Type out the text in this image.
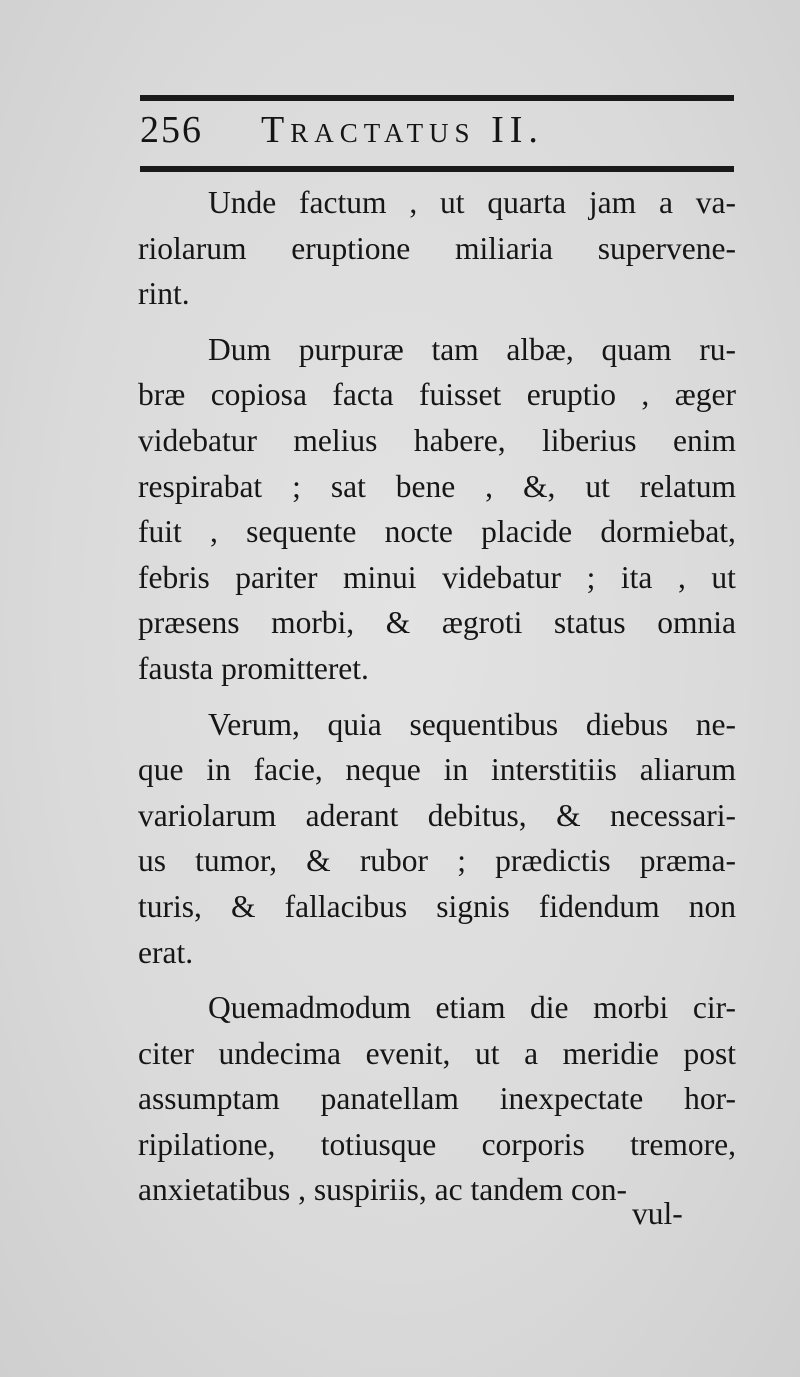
256 Tractatus II.
Unde factum , ut quarta jam a va-
riolarum eruptione miliaria supervene-
rint.
Dum purpuræ tam albæ, quam ru-
bræ copiosa facta fuisset eruptio , æger
videbatur melius habere, liberius enim
respirabat ; sat bene , &, ut relatum
fuit , sequente nocte placide dormiebat,
febris pariter minui videbatur ; ita , ut
præsens morbi, & ægroti status omnia
fausta promitteret.
Verum, quia sequentibus diebus ne-
que in facie, neque in interstitiis aliarum
variolarum aderant debitus, & necessari-
us tumor, & rubor ; prædictis præma-
turis, & fallacibus signis fidendum non
erat.
Quemadmodum etiam die morbi cir-
citer undecima evenit, ut a meridie post
assumptam panatellam inexpectate hor-
ripilatione, totiusque corporis tremore,
anxietatibus , suspiriis, ac tandem con-
vul-
